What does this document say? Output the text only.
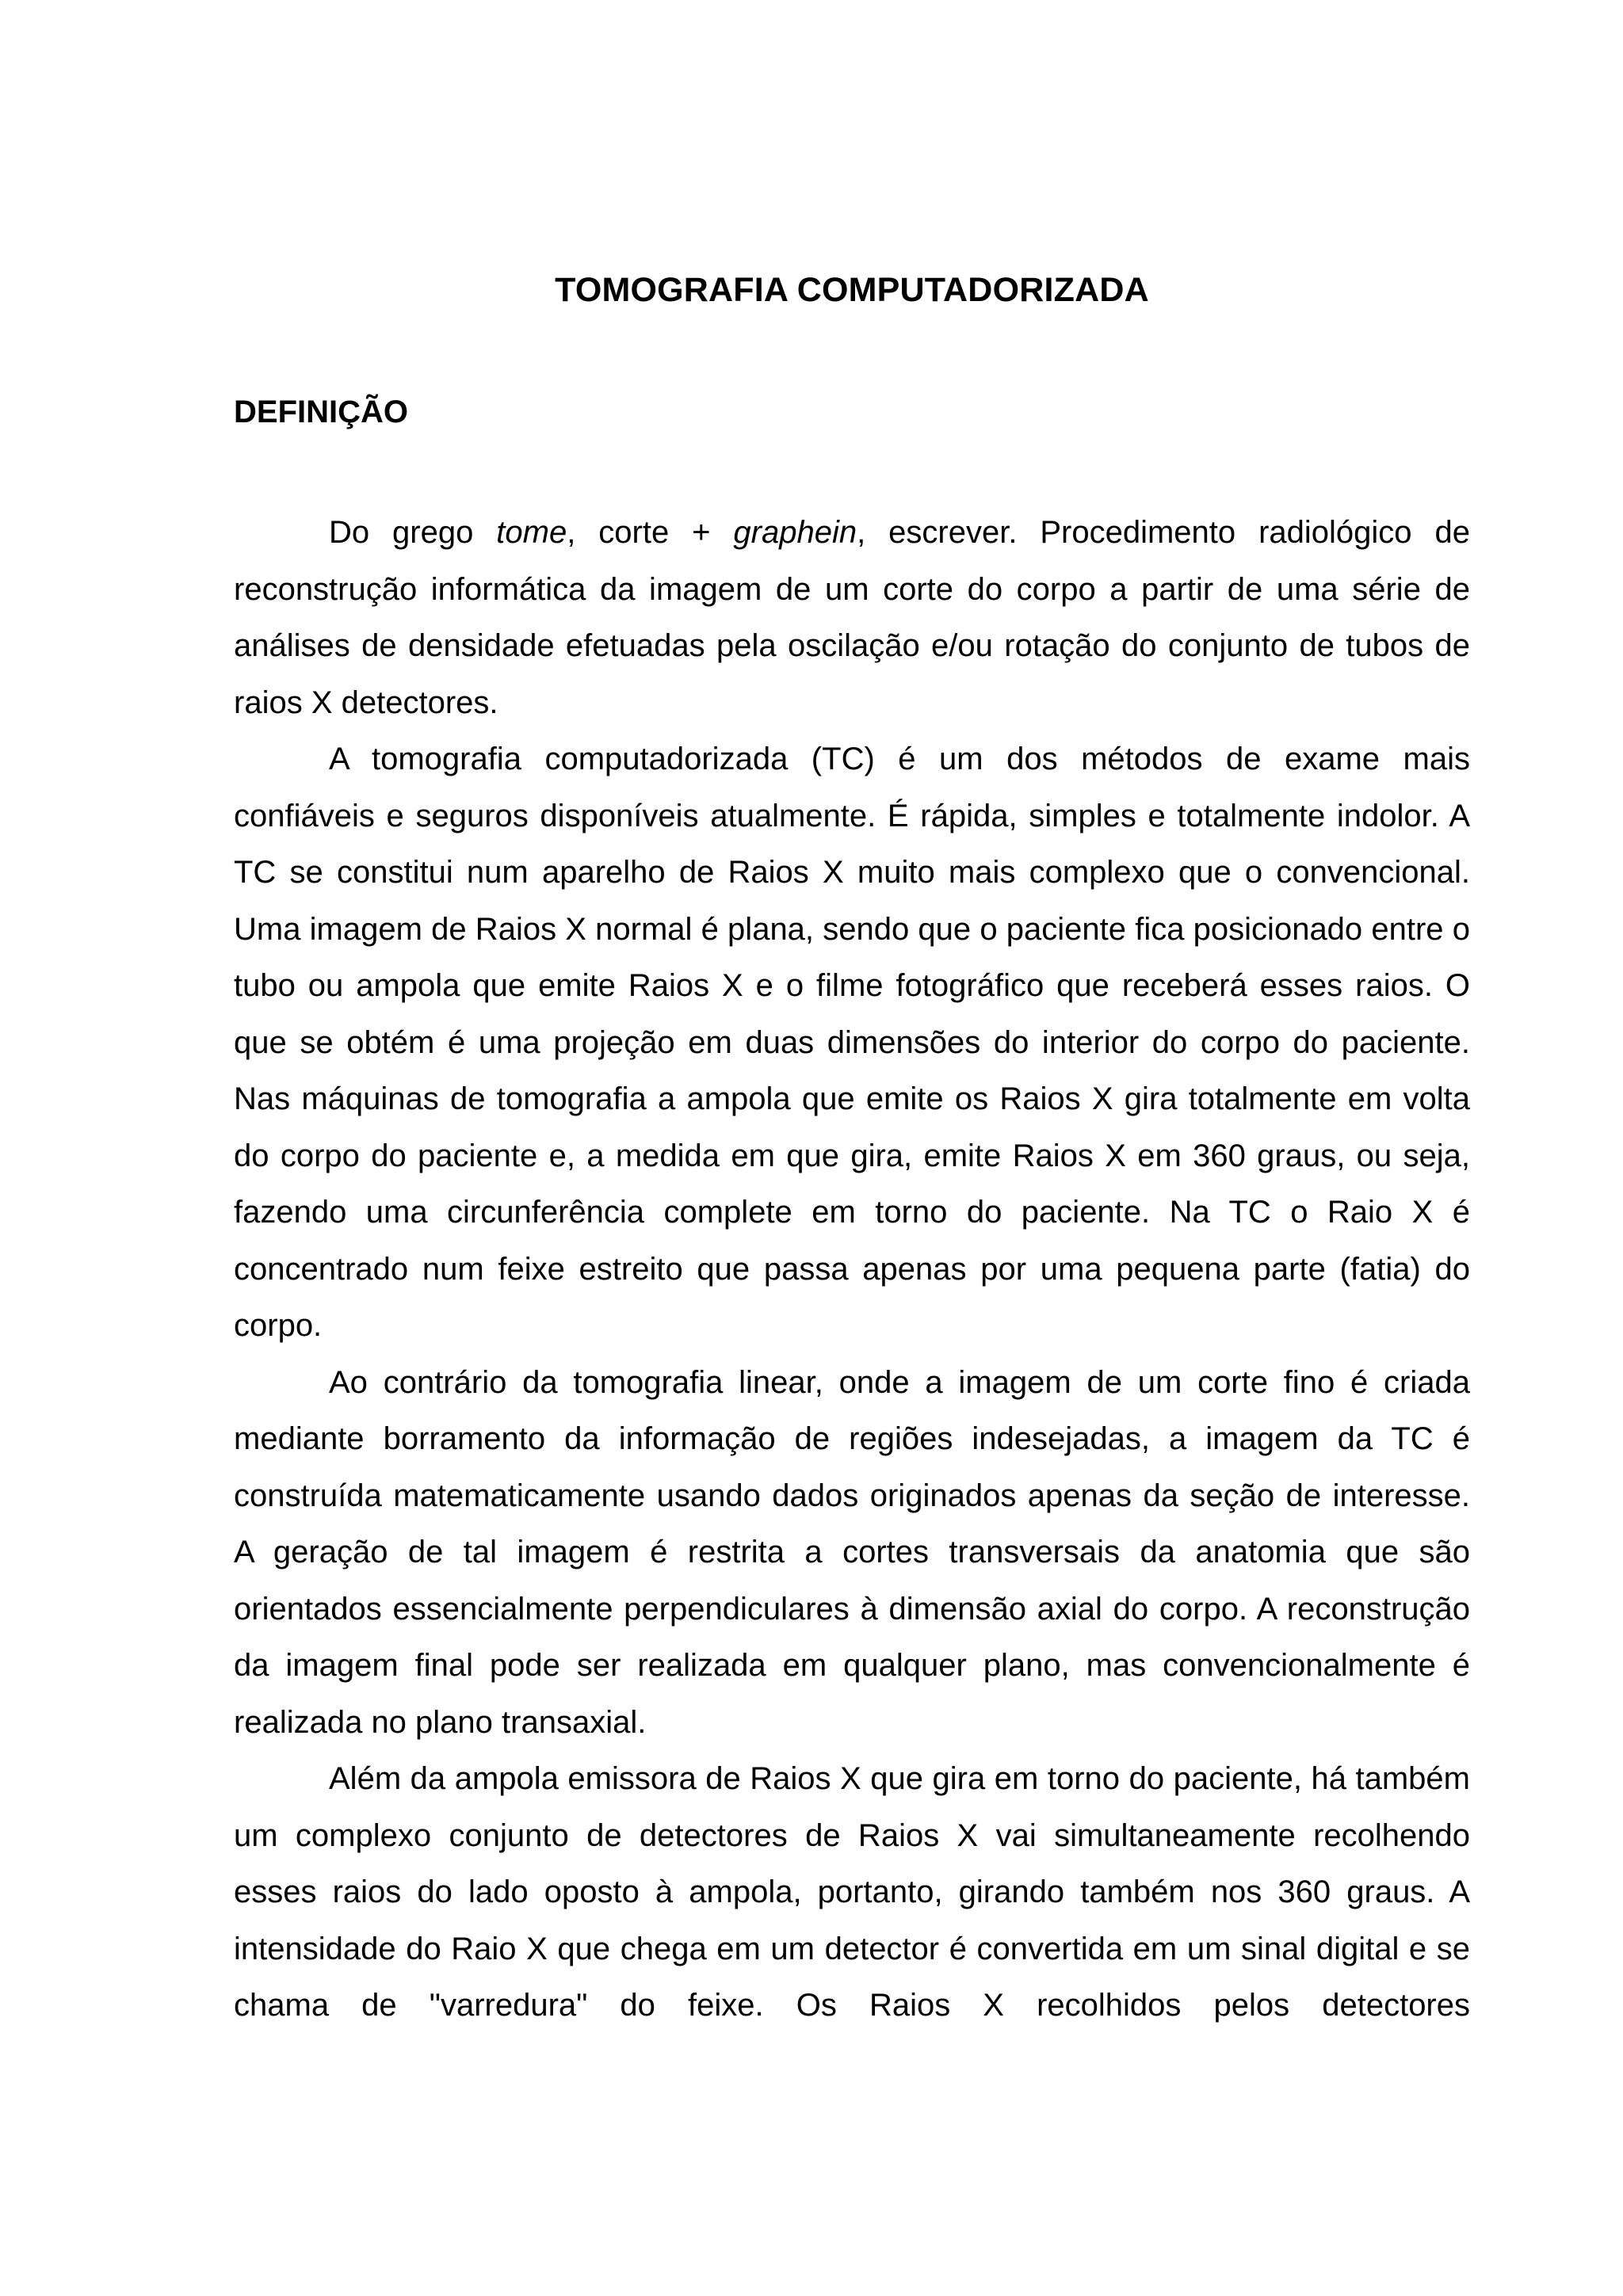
TOMOGRAFIA COMPUTADORIZADA
DEFINIÇÃO

Do grego tome, corte + graphein, escrever. Procedimento radiológico de reconstrução informática da imagem de um corte do corpo a partir de uma série de análises de densidade efetuadas pela oscilação e/ou rotação do conjunto de tubos de raios X detectores.

A tomografia computadorizada (TC) é um dos métodos de exame mais confiáveis e seguros disponíveis atualmente. É rápida, simples e totalmente indolor. A TC se constitui num aparelho de Raios X muito mais complexo que o convencional. Uma imagem de Raios X normal é plana, sendo que o paciente fica posicionado entre o tubo ou ampola que emite Raios X e o filme fotográfico que receberá esses raios. O que se obtém é uma projeção em duas dimensões do interior do corpo do paciente. Nas máquinas de tomografia a ampola que emite os Raios X gira totalmente em volta do corpo do paciente e, a medida em que gira, emite Raios X em 360 graus, ou seja, fazendo uma circunferência complete em torno do paciente. Na TC o Raio X é concentrado num feixe estreito que passa apenas por uma pequena parte (fatia) do corpo.

Ao contrário da tomografia linear, onde a imagem de um corte fino é criada mediante borramento da informação de regiões indesejadas, a imagem da TC é construída matematicamente usando dados originados apenas da seção de interesse. A geração de tal imagem é restrita a cortes transversais da anatomia que são orientados essencialmente perpendiculares à dimensão axial do corpo. A reconstrução da imagem final pode ser realizada em qualquer plano, mas convencionalmente é realizada no plano transaxial.

Além da ampola emissora de Raios X que gira em torno do paciente, há também um complexo conjunto de detectores de Raios X vai simultaneamente recolhendo esses raios do lado oposto à ampola, portanto, girando também nos 360 graus. A intensidade do Raio X que chega em um detector é convertida em um sinal digital e se chama de "varredura" do feixe. Os Raios X recolhidos pelos detectores
